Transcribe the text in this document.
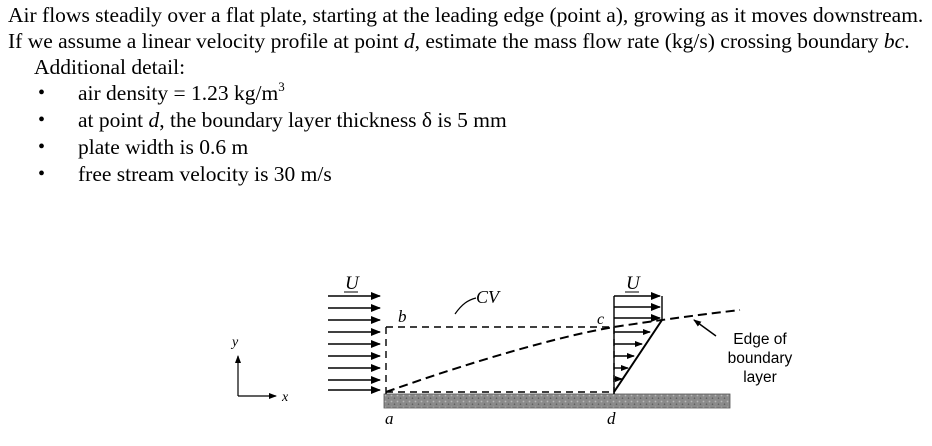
Air flows steadily over a flat plate, starting at the leading edge (point a), growing as it moves downstream. If we assume a linear velocity profile at point d, estimate the mass flow rate (kg/s) crossing boundary bc.

Additional detail:

• air density = 1.23 $kg/m^3$
• at point d, the boundary layer thickness δ is 5 mm
• plate width is 0.6 m
• free stream velocity is 30 m/s
U	U
CV
b	c
a	d
y
x
Edge of
boundary
layer
